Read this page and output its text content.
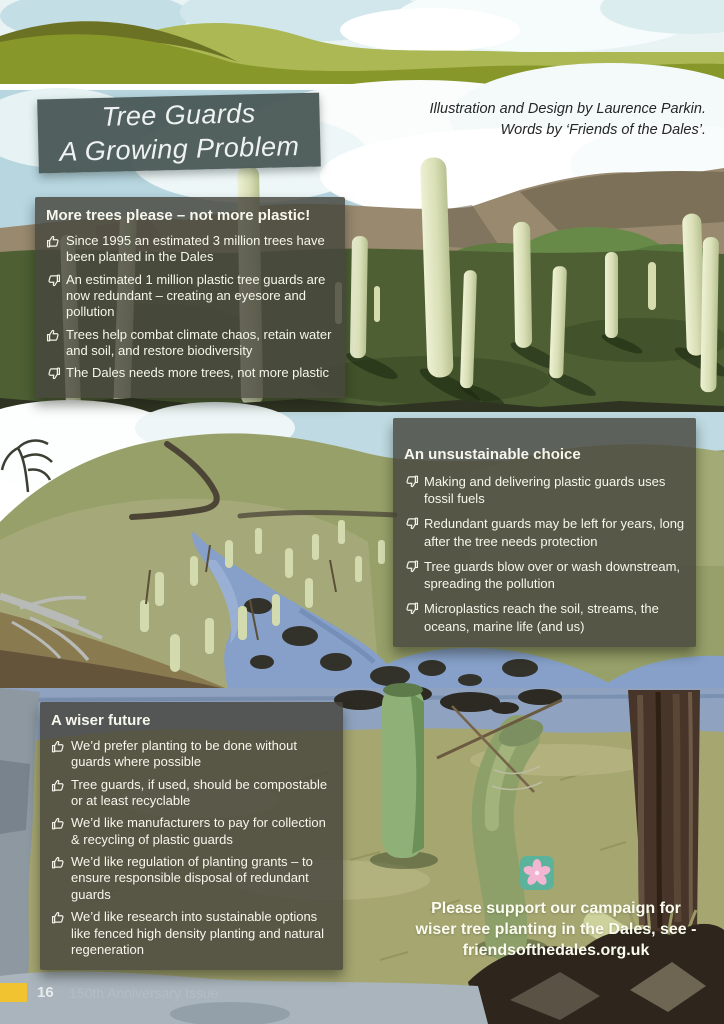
Tree Guards
A Growing Problem
Illustration and Design by Laurence Parkin.
Words by ‘Friends of the Dales’.
More trees please – not more plastic!
Since 1995 an estimated 3 million trees have been planted in the Dales
An estimated 1 million plastic tree guards are now redundant – creating an eyesore and pollution
Trees help combat climate chaos, retain water and soil, and restore biodiversity
The Dales needs more trees, not more plastic
An unsustainable choice
Making and delivering plastic guards uses fossil fuels
Redundant guards may be left for years, long after the tree needs protection
Tree guards blow over or wash downstream, spreading the pollution
Microplastics reach the soil, streams, the oceans, marine life (and us)
A wiser future
We’d prefer planting to be done without guards where possible
Tree guards, if used, should be compostable or at least recyclable
We’d like manufacturers to pay for collection & recycling of plastic guards
We’d like regulation of planting grants – to ensure responsible disposal of redundant guards
We’d like research into sustainable options like fenced high density planting and natural regeneration
Please support our campaign for
wiser tree planting in the Dales, see -
friendsofthedales.org.uk
16 150th Anniversary Issue
